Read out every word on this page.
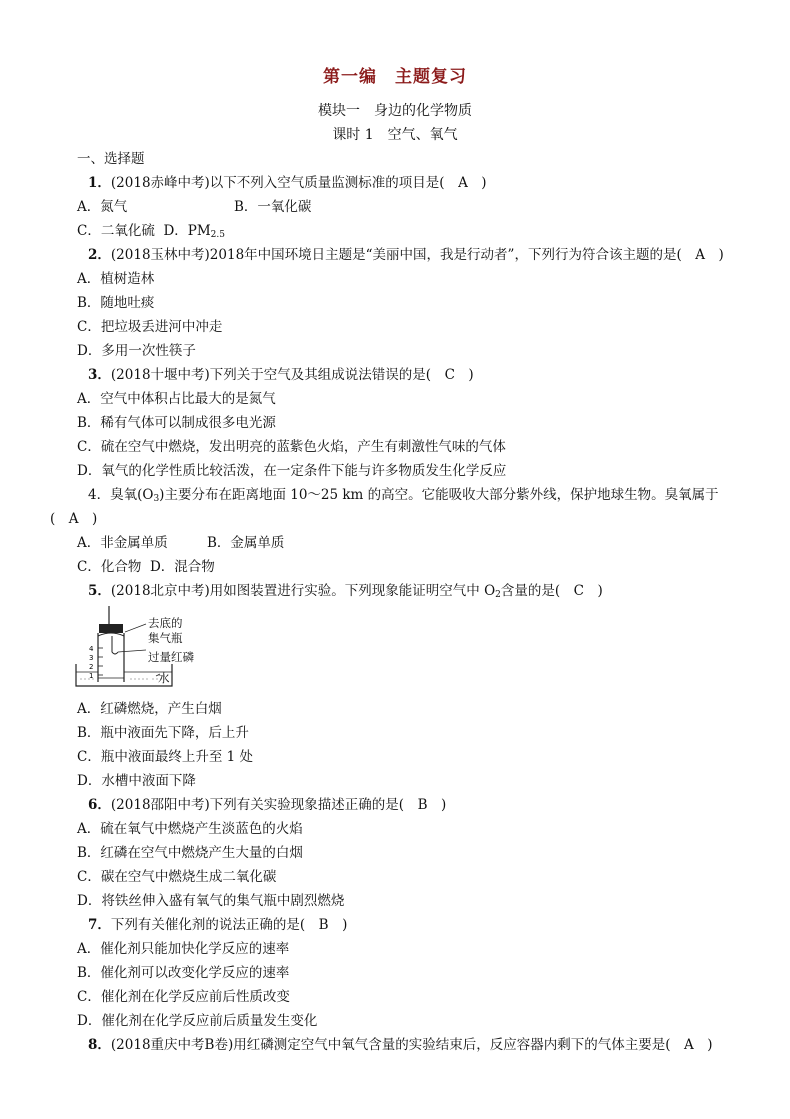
第一编　主题复习
模块一　身边的化学物质
课时 1　空气、氧气
一、选择题
1．(2018赤峰中考)以下不列入空气质量监测标准的项目是(　A　)
A．氮气	B．一氧化碳
C．二氧化硫 D．$PM_{2.5}$
2．(2018玉林中考)2018年中国环境日主题是“美丽中国，我是行动者”，下列行为符合该主题的是(　A　)
A．植树造林
B．随地吐痰
C．把垃圾丢进河中冲走
D．多用一次性筷子
3．(2018十堰中考)下列关于空气及其组成说法错误的是(　C　)
A．空气中体积占比最大的是氮气
B．稀有气体可以制成很多电光源
C．硫在空气中燃烧，发出明亮的蓝紫色火焰，产生有刺激性气味的气体
D．氧气的化学性质比较活泼，在一定条件下能与许多物质发生化学反应
4．臭氧$(O_3)$主要分布在距离地面 10～25 km 的高空。它能吸收大部分紫外线，保护地球生物。臭氧属于
(　A　)
A．非金属单质	B．金属单质
C．化合物 D．混合物
5．(2018北京中考)用如图装置进行实验。下列现象能证明空气中 $O_2$含量的是(　C　)
4
3
2
1
去底的
集气瓶
过量红磷
水
A．红磷燃烧，产生白烟
B．瓶中液面先下降，后上升
C．瓶中液面最终上升至 1 处
D．水槽中液面下降
6．(2018邵阳中考)下列有关实验现象描述正确的是(　B　)
A．硫在氧气中燃烧产生淡蓝色的火焰
B．红磷在空气中燃烧产生大量的白烟
C．碳在空气中燃烧生成二氧化碳
D．将铁丝伸入盛有氧气的集气瓶中剧烈燃烧
7．下列有关催化剂的说法正确的是(　B　)
A．催化剂只能加快化学反应的速率
B．催化剂可以改变化学反应的速率
C．催化剂在化学反应前后性质改变
D．催化剂在化学反应前后质量发生变化
8．(2018重庆中考B卷)用红磷测定空气中氧气含量的实验结束后，反应容器内剩下的气体主要是(　A　)
